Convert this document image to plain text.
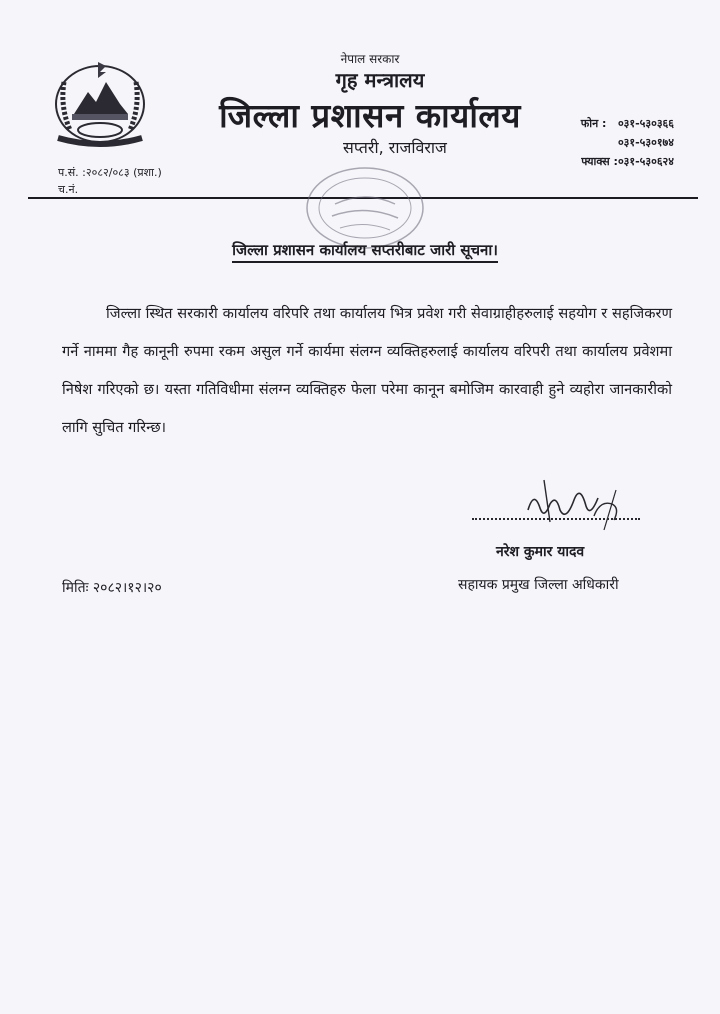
नेपाल सरकार
गृह मन्त्रालय
जिल्ला प्रशासन कार्यालय
सप्तरी, राजविराज
फोन : ०३१-५३०३६६
०३१-५३०१७४
फ्याक्स :०३१-५३०६२४
प.सं. :२०८२/०८३ (प्रशा.)
च.नं.
जिल्ला प्रशासन कार्यालय सप्तरीबाट जारी सूचना।
जिल्ला स्थित सरकारी कार्यालय वरिपरि तथा कार्यालय भित्र प्रवेश गरी सेवाग्राहीहरुलाई सहयोग र सहजिकरण गर्ने नाममा गैह कानूनी रुपमा रकम असुल गर्ने कार्यमा संलग्न व्यक्तिहरुलाई कार्यालय वरिपरी तथा कार्यालय प्रवेशमा निषेश गरिएको छ। यस्ता गतिविधीमा संलग्न व्यक्तिहरु फेला परेमा कानून बमोजिम कारवाही हुने व्यहोरा जानकारीको लागि सुचित गरिन्छ।
नरेश कुमार यादव
सहायक प्रमुख जिल्ला अधिकारी
मितिः २०८२।१२।२०
